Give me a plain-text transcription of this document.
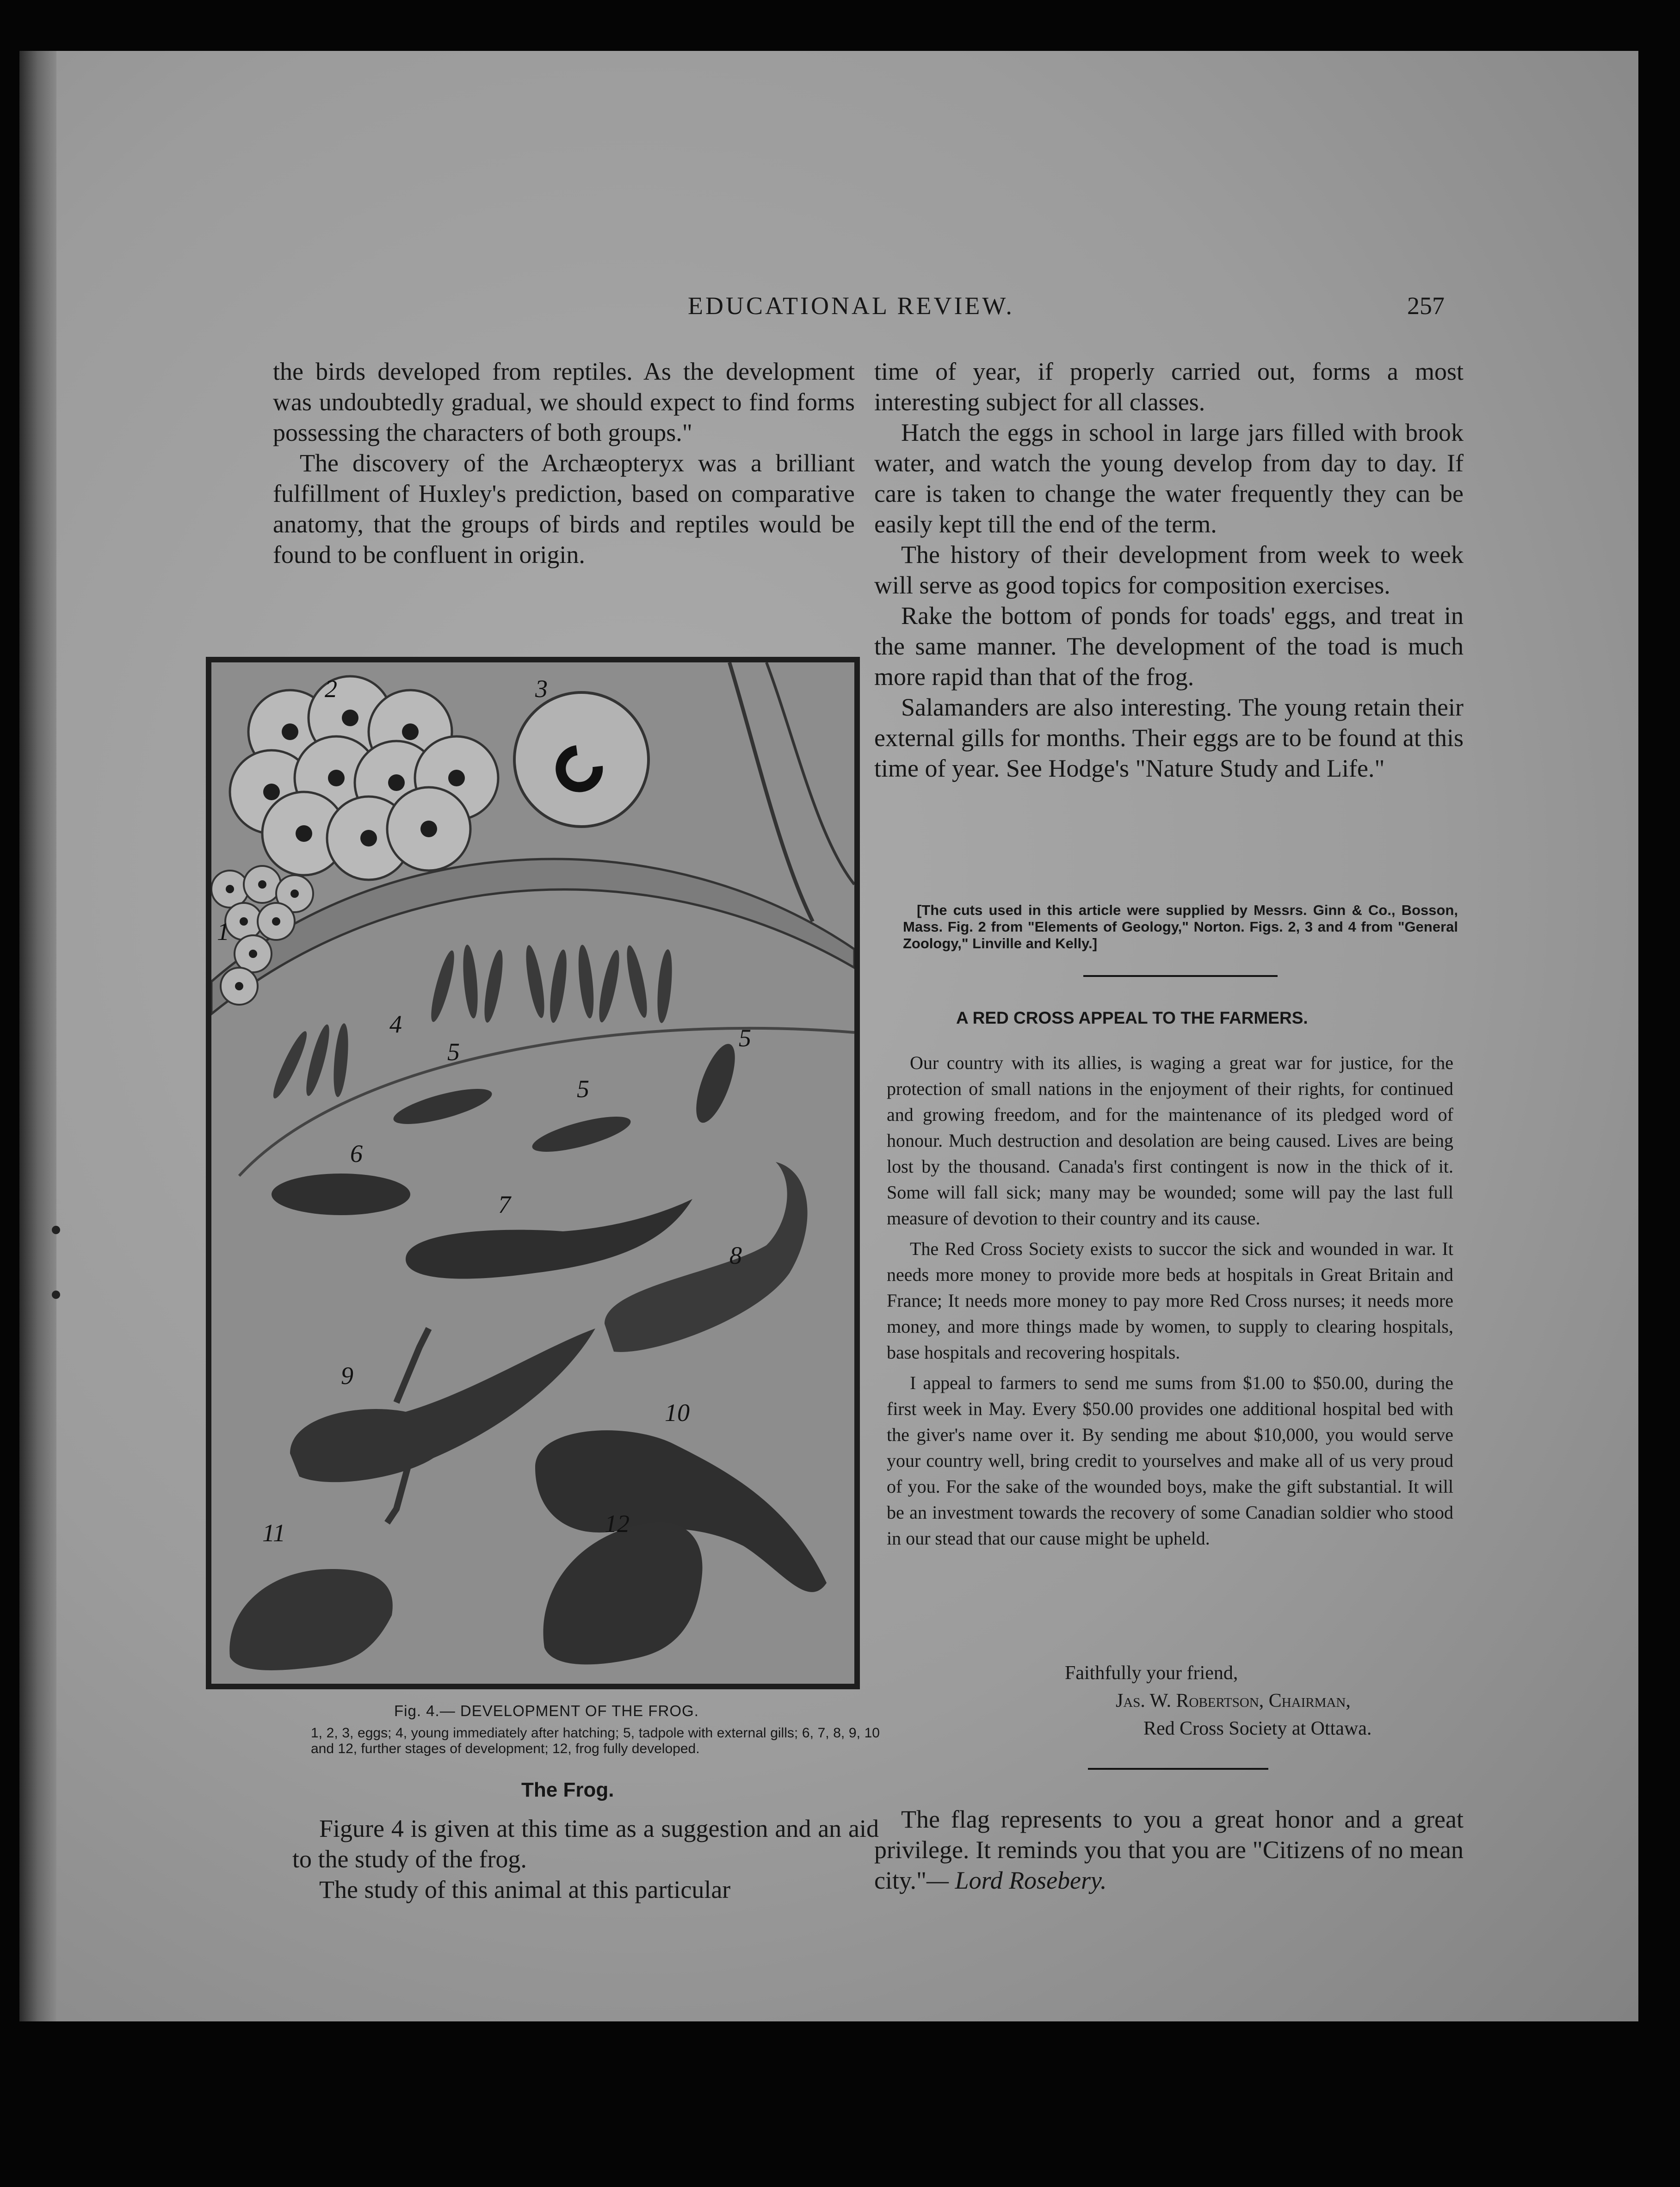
EDUCATIONAL REVIEW.	257

the birds developed from reptiles. As the development was undoubtedly gradual, we should expect to find forms possessing the characters of both groups."

The discovery of the Archæopteryx was a brilliant fulfillment of Huxley's prediction, based on comparative anatomy, that the groups of birds and reptiles would be found to be confluent in origin.

1
2	3
4
5
5
5
6
7
8
9
10
11	12
Fig. 4.— DEVELOPMENT OF THE FROG.
1, 2, 3, eggs; 4, young immediately after hatching; 5, tadpole with external gills; 6, 7, 8, 9, 10 and 12, further stages of development; 12, frog fully developed.
The Frog.

Figure 4 is given at this time as a suggestion and an aid to the study of the frog.

The study of this animal at this particular

time of year, if properly carried out, forms a most interesting subject for all classes.

Hatch the eggs in school in large jars filled with brook water, and watch the young develop from day to day. If care is taken to change the water frequently they can be easily kept till the end of the term.

The history of their development from week to week will serve as good topics for composition exercises.

Rake the bottom of ponds for toads' eggs, and treat in the same manner. The development of the toad is much more rapid than that of the frog.

Salamanders are also interesting. The young retain their external gills for months. Their eggs are to be found at this time of year. See Hodge's "Nature Study and Life."

[The cuts used in this article were supplied by Messrs. Ginn & Co., Bosson, Mass. Fig. 2 from "Elements of Geology," Norton. Figs. 2, 3 and 4 from "General Zoology," Linville and Kelly.]
A RED CROSS APPEAL TO THE FARMERS.

Our country with its allies, is waging a great war for justice, for the protection of small nations in the enjoyment of their rights, for continued and growing freedom, and for the maintenance of its pledged word of honour. Much destruction and desolation are being caused. Lives are being lost by the thousand. Canada's first contingent is now in the thick of it. Some will fall sick; many may be wounded; some will pay the last full measure of devotion to their country and its cause.

The Red Cross Society exists to succor the sick and wounded in war. It needs more money to provide more beds at hospitals in Great Britain and France; It needs more money to pay more Red Cross nurses; it needs more money, and more things made by women, to supply to clearing hospitals, base hospitals and recovering hospitals.

I appeal to farmers to send me sums from $1.00 to $50.00, during the first week in May. Every $50.00 provides one additional hospital bed with the giver's name over it. By sending me about $10,000, you would serve your country well, bring credit to yourselves and make all of us very proud of you. For the sake of the wounded boys, make the gift substantial. It will be an investment towards the recovery of some Canadian soldier who stood in our stead that our cause might be upheld.

Faithfully your friend,
Jas. W. Robertson, Chairman,
Red Cross Society at Ottawa.

The flag represents to you a great honor and a great privilege. It reminds you that you are "Citizens of no mean city."— Lord Rosebery.
